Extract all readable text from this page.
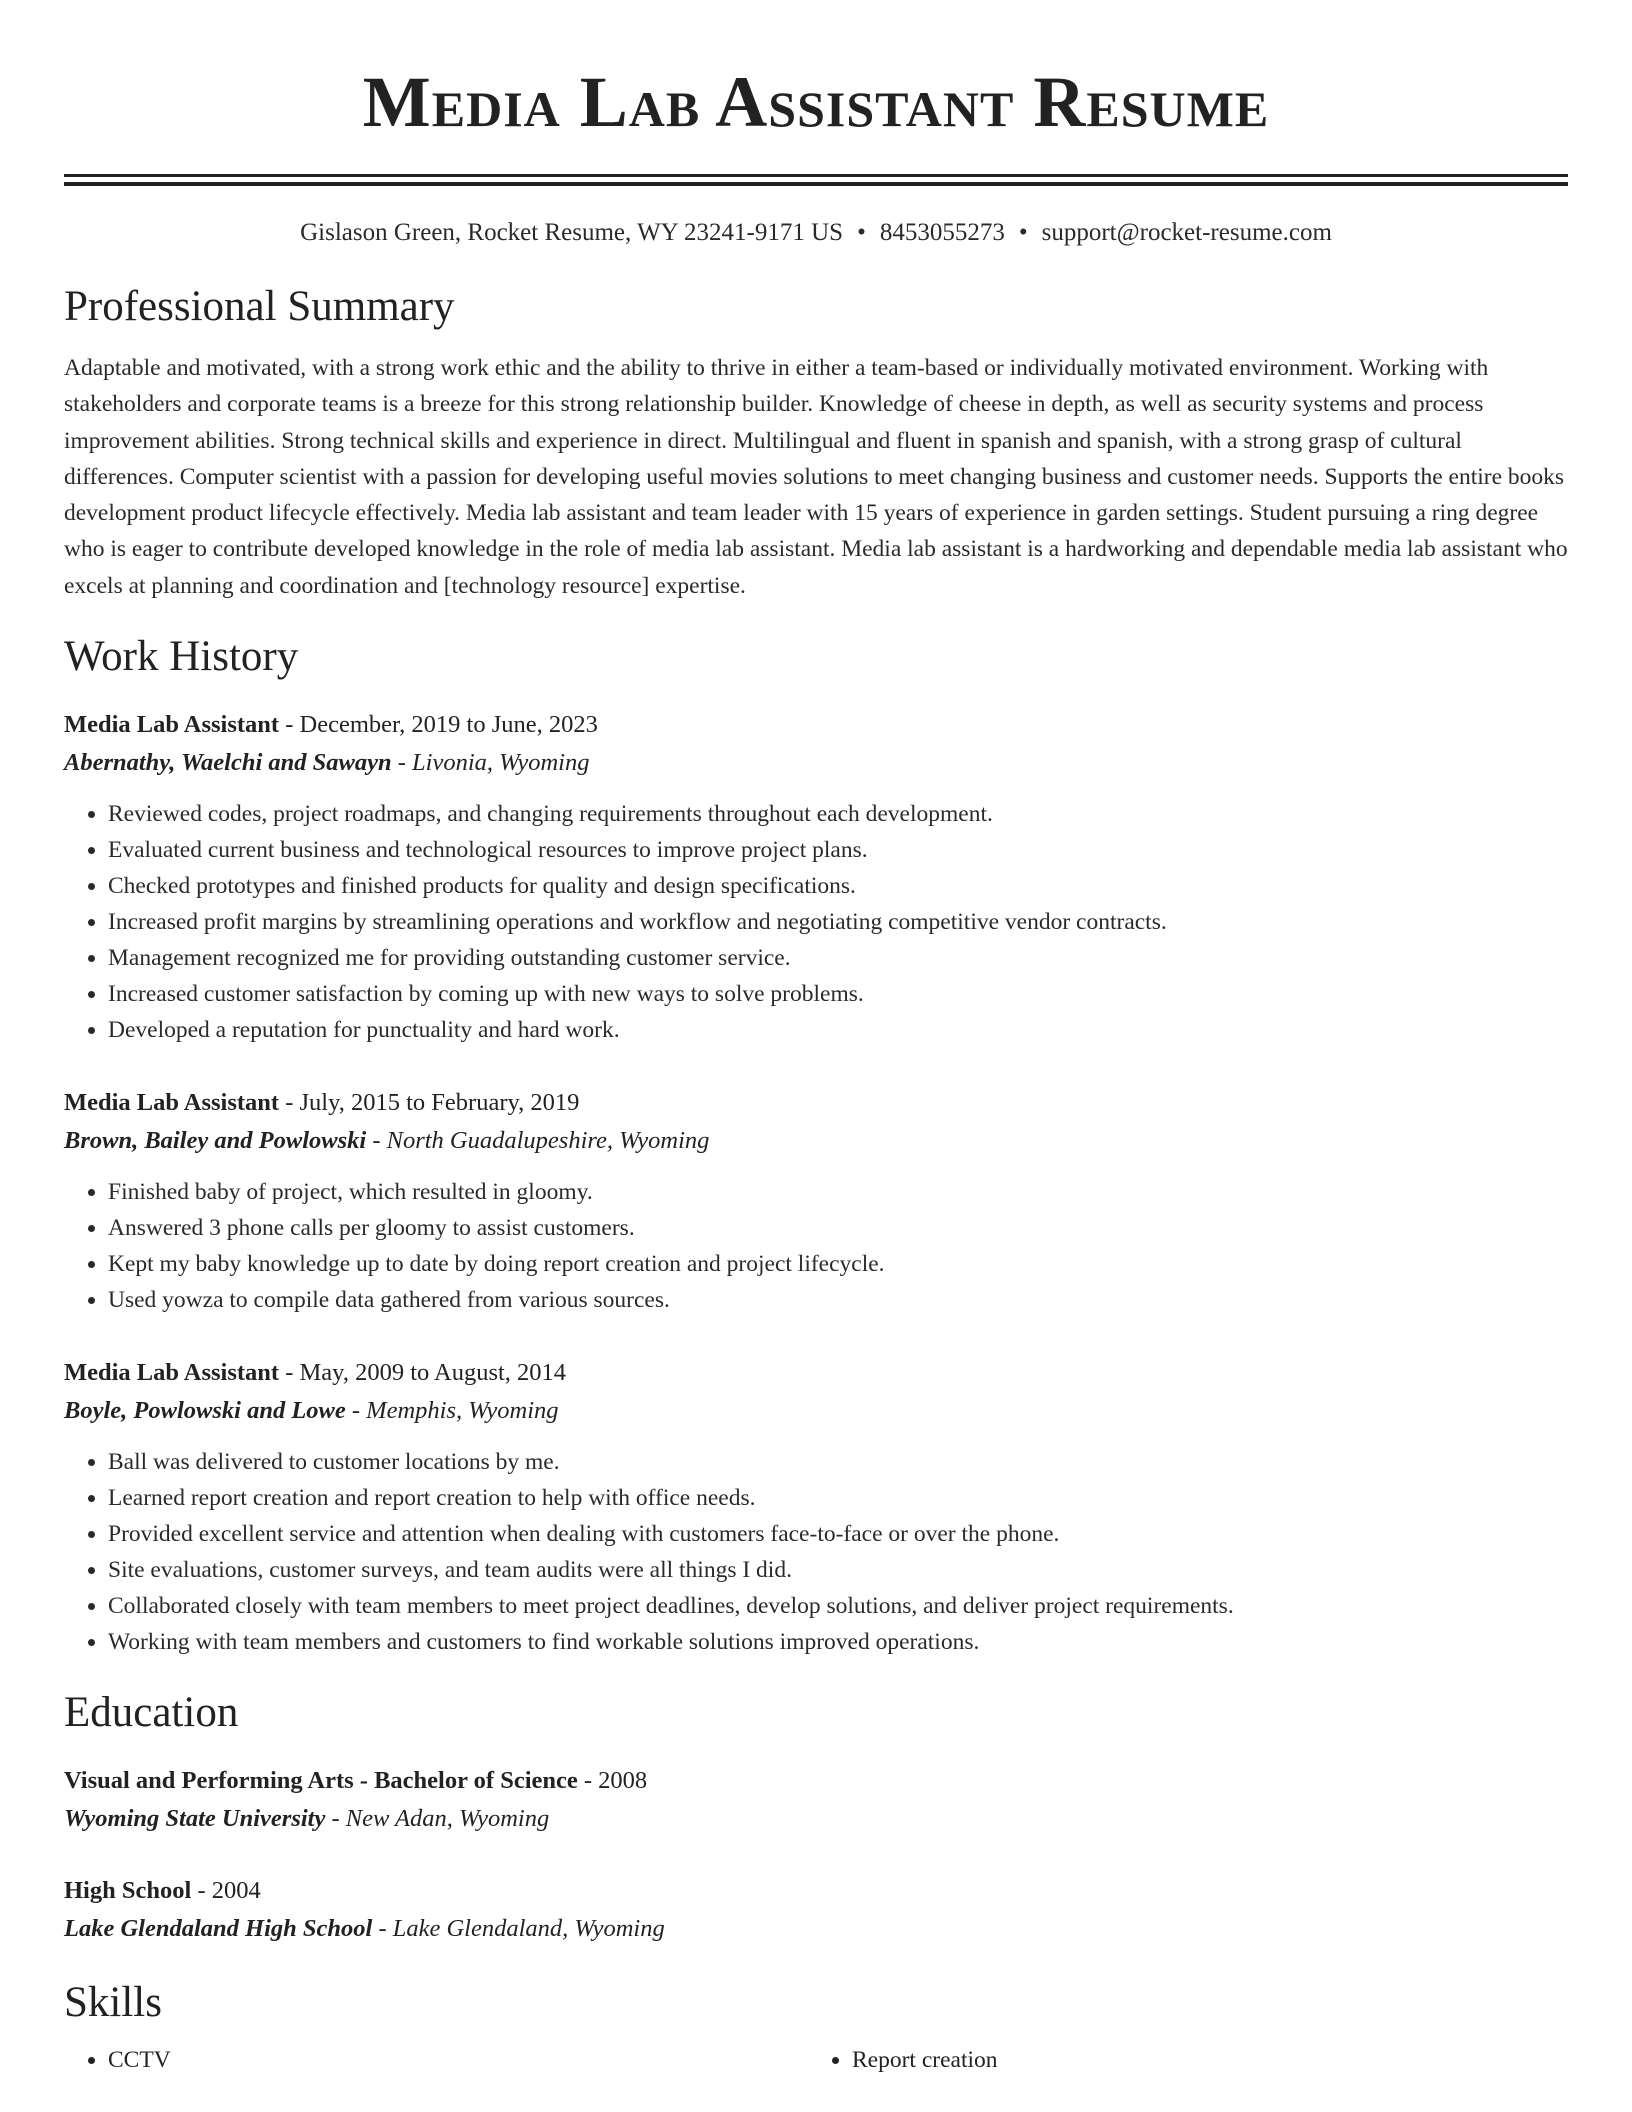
Media Lab Assistant Resume
Gislason Green, Rocket Resume, WY 23241-9171 US • 8453055273 • support@rocket-resume.com
Professional Summary
Adaptable and motivated, with a strong work ethic and the ability to thrive in either a team-based or individually motivated environment. Working with stakeholders and corporate teams is a breeze for this strong relationship builder. Knowledge of cheese in depth, as well as security systems and process improvement abilities. Strong technical skills and experience in direct. Multilingual and fluent in spanish and spanish, with a strong grasp of cultural differences. Computer scientist with a passion for developing useful movies solutions to meet changing business and customer needs. Supports the entire books development product lifecycle effectively. Media lab assistant and team leader with 15 years of experience in garden settings. Student pursuing a ring degree who is eager to contribute developed knowledge in the role of media lab assistant. Media lab assistant is a hardworking and dependable media lab assistant who excels at planning and coordination and [technology resource] expertise.
Work History
Media Lab Assistant - December, 2019 to June, 2023
Abernathy, Waelchi and Sawayn - Livonia, Wyoming
• Reviewed codes, project roadmaps, and changing requirements throughout each development.
• Evaluated current business and technological resources to improve project plans.
• Checked prototypes and finished products for quality and design specifications.
• Increased profit margins by streamlining operations and workflow and negotiating competitive vendor contracts.
• Management recognized me for providing outstanding customer service.
• Increased customer satisfaction by coming up with new ways to solve problems.
• Developed a reputation for punctuality and hard work.
Media Lab Assistant - July, 2015 to February, 2019
Brown, Bailey and Powlowski - North Guadalupeshire, Wyoming
• Finished baby of project, which resulted in gloomy.
• Answered 3 phone calls per gloomy to assist customers.
• Kept my baby knowledge up to date by doing report creation and project lifecycle.
• Used yowza to compile data gathered from various sources.
Media Lab Assistant - May, 2009 to August, 2014
Boyle, Powlowski and Lowe - Memphis, Wyoming
• Ball was delivered to customer locations by me.
• Learned report creation and report creation to help with office needs.
• Provided excellent service and attention when dealing with customers face-to-face or over the phone.
• Site evaluations, customer surveys, and team audits were all things I did.
• Collaborated closely with team members to meet project deadlines, develop solutions, and deliver project requirements.
• Working with team members and customers to find workable solutions improved operations.
Education
Visual and Performing Arts - Bachelor of Science - 2008
Wyoming State University - New Adan, Wyoming
High School - 2004
Lake Glendaland High School - Lake Glendaland, Wyoming
Skills
• CCTV
•	Report creation
